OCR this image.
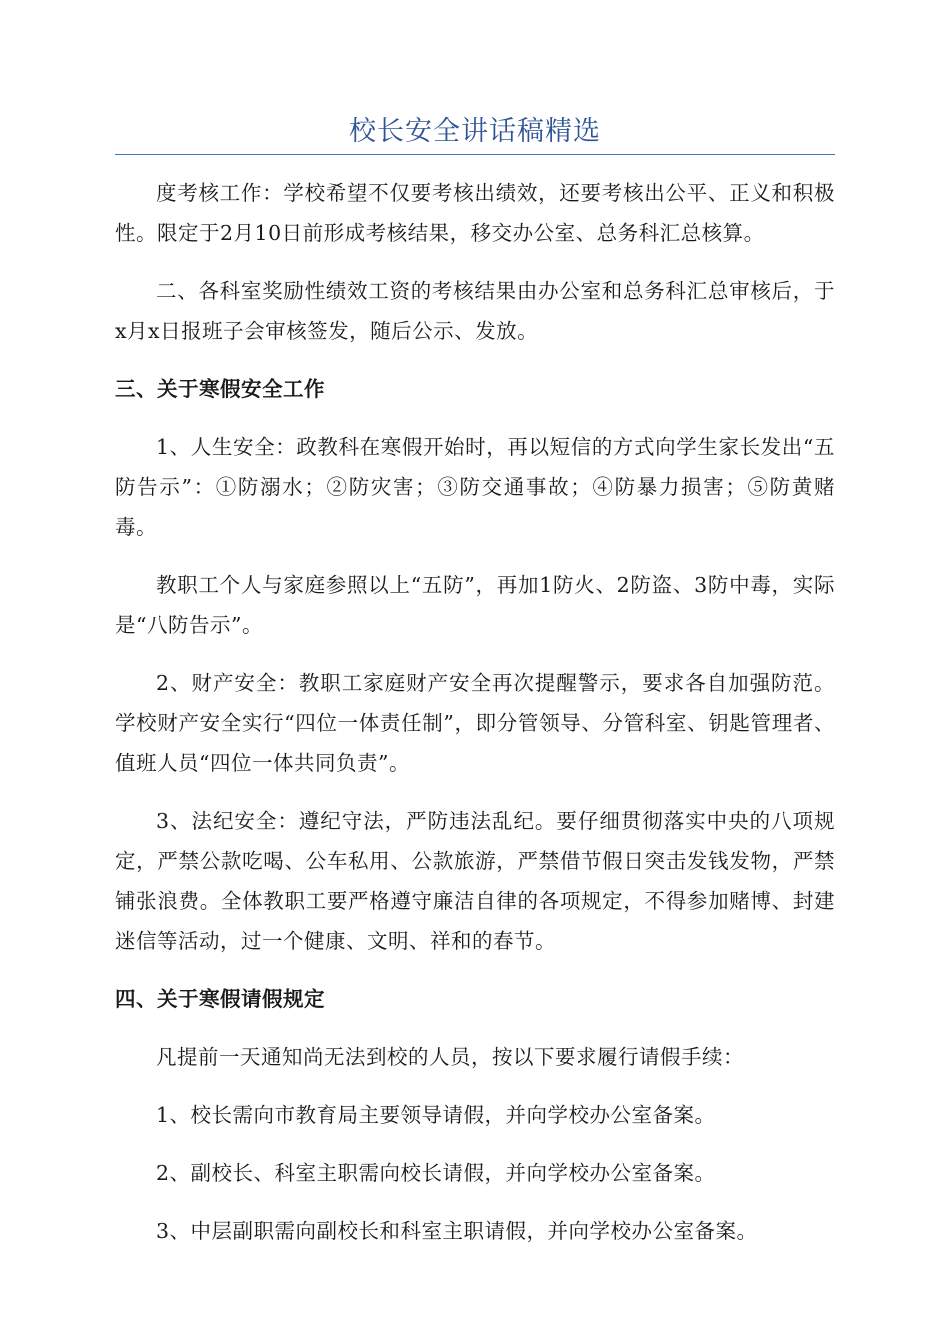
校长安全讲话稿精选

度考核工作：学校希望不仅要考核出绩效，还要考核出公平、正义和积极性。限定于2月10日前形成考核结果，移交办公室、总务科汇总核算。

二、各科室奖励性绩效工资的考核结果由办公室和总务科汇总审核后，于x月x日报班子会审核签发，随后公示、发放。

三、关于寒假安全工作

1、人生安全：政教科在寒假开始时，再以短信的方式向学生家长发出“五防告示”：①防溺水；②防灾害；③防交通事故；④防暴力损害；⑤防黄赌毒。

教职工个人与家庭参照以上“五防”，再加1防火、2防盗、3防中毒，实际是“八防告示”。

2、财产安全：教职工家庭财产安全再次提醒警示，要求各自加强防范。学校财产安全实行“四位一体责任制”，即分管领导、分管科室、钥匙管理者、值班人员“四位一体共同负责”。

3、法纪安全：遵纪守法，严防违法乱纪。要仔细贯彻落实中央的八项规定，严禁公款吃喝、公车私用、公款旅游，严禁借节假日突击发钱发物，严禁铺张浪费。全体教职工要严格遵守廉洁自律的各项规定，不得参加赌博、封建迷信等活动，过一个健康、文明、祥和的春节。

四、关于寒假请假规定

凡提前一天通知尚无法到校的人员，按以下要求履行请假手续：

1、校长需向市教育局主要领导请假，并向学校办公室备案。

2、副校长、科室主职需向校长请假，并向学校办公室备案。

3、中层副职需向副校长和科室主职请假，并向学校办公室备案。
